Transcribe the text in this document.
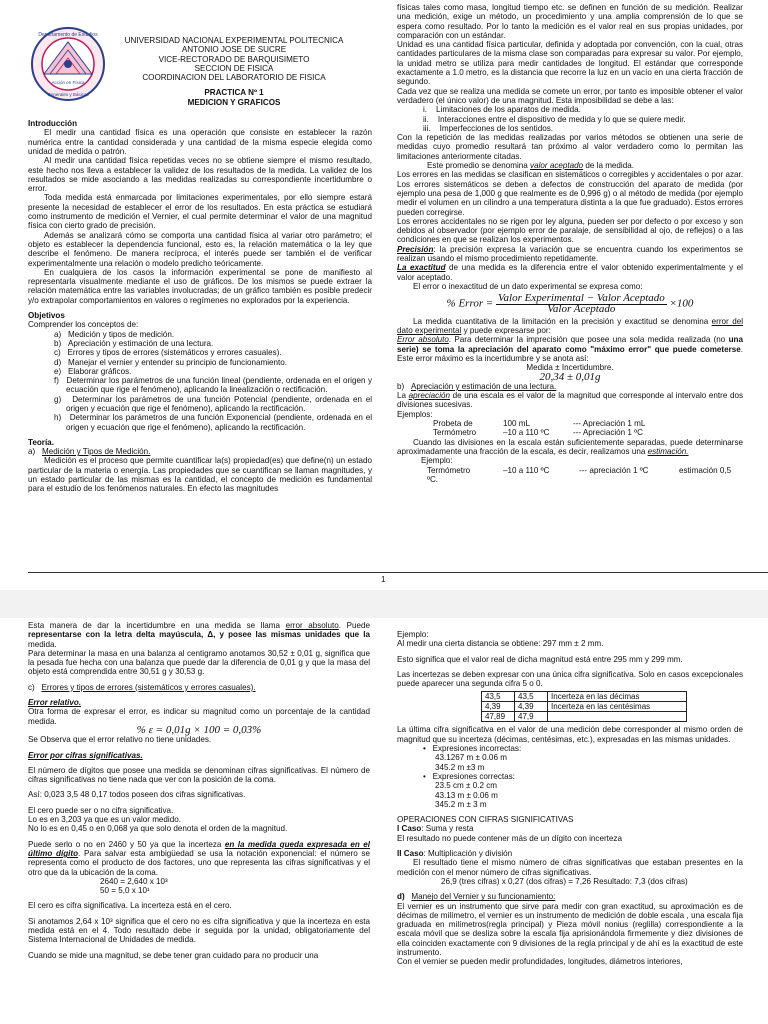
Departamento de Estudios
Acción en Física
Generales y Básicos

UNIVERSIDAD NACIONAL EXPERIMENTAL POLITECNICA

ANTONIO JOSE DE SUCRE

VICE-RECTORADO DE BARQUISIMETO

SECCION DE FISICA

COORDINACION DEL LABORATORIO DE FISICA

PRACTICA Nº 1

MEDICION Y GRAFICOS

Introducción

El medir una cantidad física es una operación que consiste en establecer la razón numérica entre la cantidad considerada y una cantidad de la misma especie elegida como unidad de medida o patrón.

Al medir una cantidad física repetidas veces no se obtiene siempre el mismo resultado, este hecho nos lleva a establecer la validez de los resultados de la medida. La validez de los resultados se mide asociando a las medidas realizadas su correspondiente incertidumbre o error.

Toda medida está enmarcada por limitaciones experimentales, por ello siempre estará presente la necesidad de establecer el error de los resultados. En esta práctica se estudiará como instrumento de medición el Vernier, el cual permite determinar el valor de una magnitud física con cierto grado de precisión.

Además se analizará cómo se comporta una cantidad física al variar otro parámetro; el objeto es establecer la dependencia funcional, esto es, la relación matemática o la ley que describe el fenómeno. De manera recíproca, el interés puede ser también el de verificar experimentalmente una relación o modelo predicho teóricamente.

En cualquiera de los casos la información experimental se pone de manifiesto al representarla visualmente mediante el uso de gráficos. De los mismos se puede extraer la relación matemática entre las variables involucradas; de un gráfico también es posible predecir y/o extrapolar comportamientos en valores o regímenes no explorados por la experiencia.

Objetivos

Comprender los conceptos de:

a) Medición y tipos de medición.

b) Apreciación y estimación de una lectura.

c) Errores y tipos de errores (sistemáticos y errores casuales).

d) Manejar el vernier y entender su principio de funcionamiento.

e) Elaborar gráficos.

f) Determinar los parámetros de una función lineal (pendiente, ordenada en el origen y ecuación que rige el fenómeno), aplicando la linealización o rectificación.

g) Determinar los parámetros de una función Potencial (pendiente, ordenada en el origen y ecuación que rige el fenómeno), aplicando la rectificación.

h) Determinar los parámetros de una función Exponencial (pendiente, ordenada en el origen y ecuación que rige el fenómeno), aplicando la rectificación.

Teoría.

a) Medición y Tipos de Medición.

Medición es el proceso que permite cuantificar la(s) propiedad(es) que define(n) un estado particular de la materia o energía. Las propiedades que se cuantifican se llaman magnitudes, y un estado particular de las mismas es la cantidad, el concepto de medición es fundamental para el estudio de los fenómenos naturales. En efecto las magnitudes

físicas tales como masa, longitud tiempo etc. se definen en función de su medición. Realizar una medición, exige un método, un procedimiento y una amplia comprensión de lo que se espera como resultado. Por lo tanto la medición es el valor real en sus propias unidades, por comparación con un estándar.

Unidad es una cantidad física particular, definida y adoptada por convención, con la cual, otras cantidades particulares de la misma clase son comparadas para expresar su valor. Por ejemplo, la unidad metro se utiliza para medir cantidades de longitud. El estándar que corresponde exactamente a 1.0 metro, es la distancia que recorre la luz en un vacío en una cierta fracción de segundo.

Cada vez que se realiza una medida se comete un error, por tanto es imposible obtener el valor verdadero (el único valor) de una magnitud. Esta imposibilidad se debe a las:

i. Limitaciones de los aparatos de medida.

ii. Interacciones entre el dispositivo de medida y lo que se quiere medir.

iii. Imperfecciones de los sentidos.

Con la repetición de las medidas realizadas por varios métodos se obtienen una serie de medidas cuyo promedio resultará tan próximo al valor verdadero como lo permitan las limitaciones anteriormente citadas.

Este promedio se denomina valor aceptado de la medida.

Los errores en las medidas se clasifican en sistemáticos o corregibles y accidentales o por azar. Los errores sistemáticos se deben a defectos de construcción del aparato de medida (por ejemplo una pesa de 1,000 g que realmente es de 0,996 g) o al método de medida (por ejemplo medir el volumen en un cilindro a una temperatura distinta a la que fue graduado). Estos errores pueden corregirse.

Los errores accidentales no se rigen por ley alguna, pueden ser por defecto o por exceso y son debidos al observador (por ejemplo error de paralaje, de sensibilidad al ojo, de reflejos) o a las condiciones en que se realizan los experimentos.

Precisión: la precisión expresa la variación que se encuentra cuando los experimentos se realizan usando el mismo procedimiento repetidamente.

La exactitud de una medida es la diferencia entre el valor obtenido experimentalmente y el valor aceptado.

El error o inexactitud de un dato experimental se expresa como:

% Error = $\frac{\text{Valor Experimental − Valor Aceptado}}{\text{Valor Aceptado}} \times 100$

La medida cuantitativa de la limitación en la precisión y exactitud se denomina error del dato experimental y puede expresarse por:

Error absoluto. Para determinar la imprecisión que posee una sola medida realizada (no una serie) se toma la apreciación del aparato como "máximo error" que puede cometerse. Este error máximo es la incertidumbre y se anota así:

Medida ± Incertidumbre.

20,34 ± 0,01g

b) Apreciación y estimación de una lectura.

La apreciación de una escala es el valor de la magnitud que corresponde al intervalo entre dos divisiones sucesivas.

Ejemplos:

Probeta de	100 mL	--- Apreciación 1 mL

Termómetro	–10 a 110 ºC	--- Apreciación 1 ºC

Cuando las divisiones en la escala están suficientemente separadas, puede determinarse aproximadamente una fracción de la escala, es decir, realizamos una estimación.

Ejemplo:

Termómetro	–10 a 110 ºC	--- apreciación 1 ºC	estimación 0,5 ºC.

1

Esta manera de dar la incertidumbre en una medida se llama error absoluto. Puede representarse con la letra delta mayúscula, Δ, y posee las mismas unidades que la medida.

Para determinar la masa en una balanza al centigramo anotamos 30,52 ± 0,01 g, significa que la pesada fue hecha con una balanza que puede dar la diferencia de 0,01 g y que la masa del objeto está comprendida entre 30,51 g y 30,53 g.

c) Errores y tipos de errores (sistemáticos y errores casuales).

Error relativo.

Otra forma de expresar el error, es indicar su magnitud como un porcentaje de la cantidad medida.

% ε = 0,01g × 100 = 0,03%

Se Observa que el error relativo no tiene unidades.

Error por cifras significativas.

El número de dígitos que posee una medida se denominan cifras significativas. El número de cifras significativas no tiene nada que ver con la posición de la coma.

Así: 0,023 3,5 48 0,17 todos poseen dos cifras significativas.

El cero puede ser o no cifra significativa.

Lo es en 3,203 ya que es un valor medido.

No lo es en 0,45 o en 0,068 ya que solo denota el orden de la magnitud.

Puede serlo o no en 2460 y 50 ya que la incerteza en la medida queda expresada en el último dígito. Para salvar esta ambigüedad se usa la notación exponencial: el número se representa como el producto de dos factores, uno que representa las cifras significativas y el otro que da la ubicación de la coma.

2640 = 2,640 x 10³

50 = 5,0 x 10¹

El cero es cifra significativa. La incerteza está en el cero.

Si anotamos 2,64 x 10³ significa que el cero no es cifra significativa y que la incerteza en esta medida está en el 4. Todo resultado debe ir seguida por la unidad, obligatoriamente del Sistema Internacional de Unidades de medida.

Cuando se mide una magnitud, se debe tener gran cuidado para no producir una

Ejemplo:

Al medir una cierta distancia se obtiene: 297 mm ± 2 mm.

Esto significa que el valor real de dicha magnitud está entre 295 mm y 299 mm.

Las incertezas se deben expresar con una única cifra significativa. Solo en casos excepcionales puede aparecer una segunda cifra 5 o 0.

43,5	43,5	Incerteza en las décimas
4,39	4,39	Incerteza en las centésimas
47,89	47,9	

La última cifra significativa en el valor de una medición debe corresponder al mismo orden de magnitud que su incerteza (décimas, centésimas, etc.), expresadas en las mismas unidades.

• Expresiones incorrectas:

43.1267 m ± 0.06 m

345.2 m ±3 m

• Expresiones correctas:

23.5 cm ± 0.2 cm

43.13 m ± 0.06 m

345.2 m ± 3 m

OPERACIONES CON CIFRAS SIGNIFICATIVAS

I Caso: Suma y resta

El resultado no puede contener más de un dígito con incerteza

II Caso: Multiplicación y división

El resultado tiene el mismo número de cifras significativas que estaban presentes en la medición con el menor número de cifras significativas.

26,9 (tres cifras) x 0,27 (dos cifras) = 7,26 Resultado: 7,3 (dos cifras)

d) Manejo del Vernier y su funcionamiento:

El vernier es un instrumento que sirve para medir con gran exactitud, su aproximación es de décimas de milímetro, el vernier es un instrumento de medición de doble escala , una escala fija graduada en milímetros(regla principal) y Pieza móvil nonius (reglilla) correspondiente a la escala móvil que se desliza sobre la escala fija aprisionándola firmemente y diez divisiones de ella coinciden exactamente con 9 divisiones de la regla principal y de ahí es la exactitud de este instrumento.

Con el vernier se pueden medir profundidades, longitudes, diámetros interiores,
